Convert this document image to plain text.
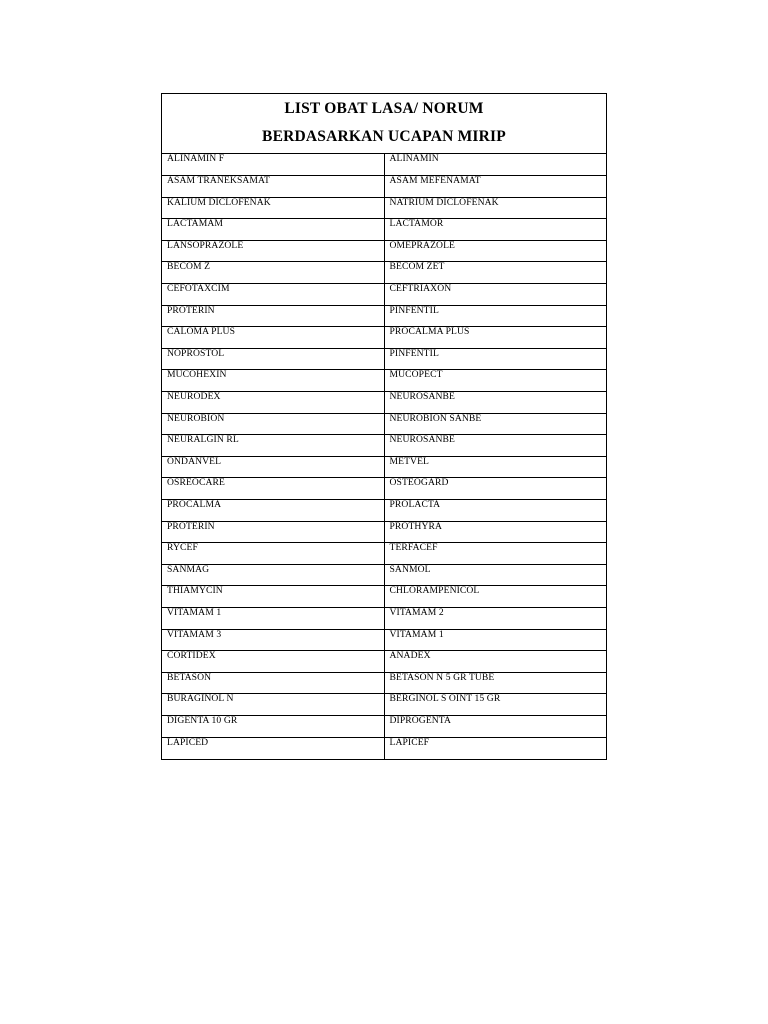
LIST OBAT LASA/ NORUM
BERDASARKAN UCAPAN MIRIP
ALINAMIN F	ALINAMIN
ASAM TRANEKSAMAT	ASAM MEFENAMAT
KALIUM DICLOFENAK	NATRIUM DICLOFENAK
LACTAMAM	LACTAMOR
LANSOPRAZOLE	OMEPRAZOLE
BECOM Z	BECOM ZET
CEFOTAXCIM	CEFTRIAXON
PROTERIN	PINFENTIL
CALOMA PLUS	PROCALMA PLUS
NOPROSTOL	PINFENTIL
MUCOHEXIN	MUCOPECT
NEURODEX	NEUROSANBE
NEUROBION	NEUROBION SANBE
NEURALGIN RL	NEUROSANBE
ONDANVEL	METVEL
OSREOCARE	OSTEOGARD
PROCALMA	PROLACTA
PROTERIN	PROTHYRA
RYCEF	TERFACEF
SANMAG	SANMOL
THIAMYCIN	CHLORAMPENICOL
VITAMAM 1	VITAMAM 2
VITAMAM 3	VITAMAM 1
CORTIDEX	ANADEX
BETASON	BETASON N 5 GR TUBE
BURAGINOL N	BERGINOL S OINT 15 GR
DIGENTA 10 GR	DIPROGENTA
LAPICED	LAPICEF
